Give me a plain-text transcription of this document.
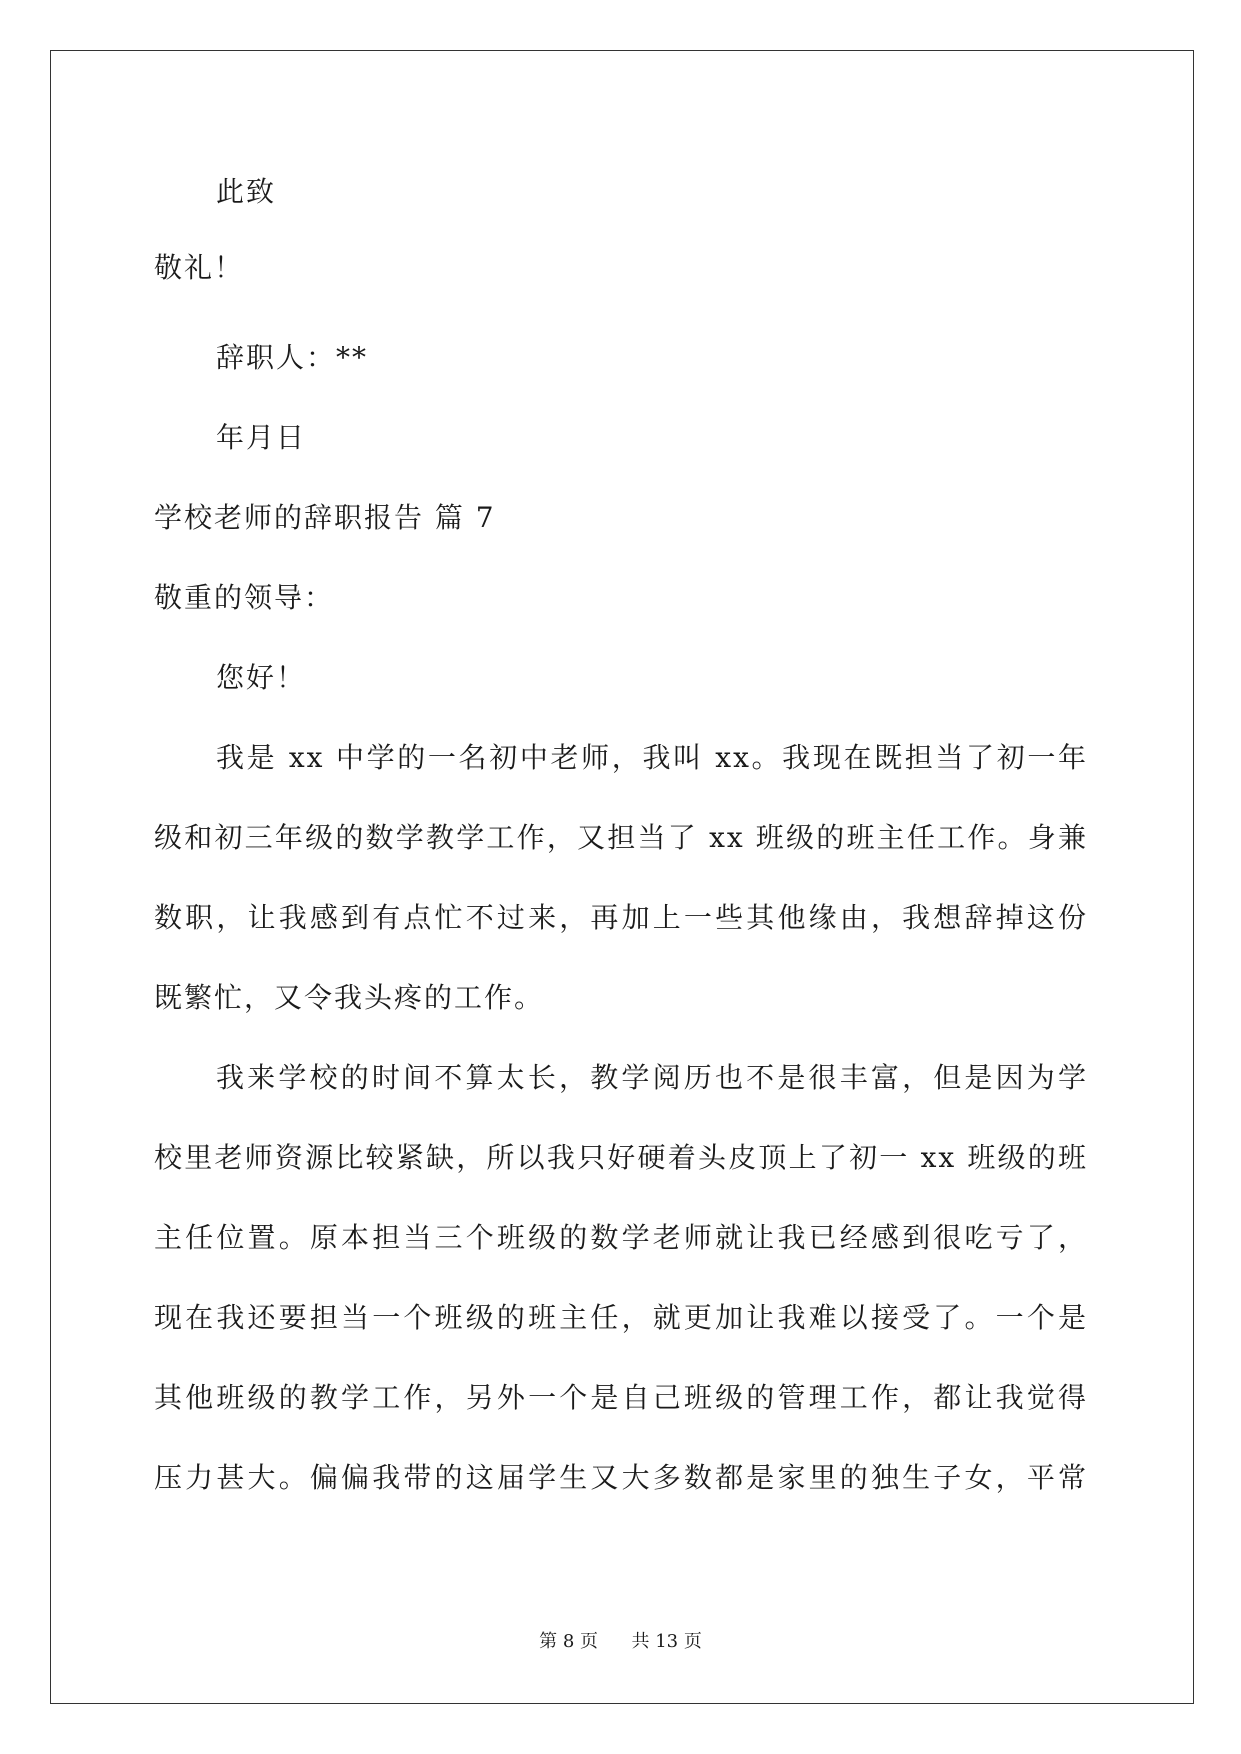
此致
敬礼！
辞职人：**
年月日
学校老师的辞职报告 篇 7
敬重的领导：
您好！
我是 xx 中学的一名初中老师，我叫 xx。我现在既担当了初一年
级和初三年级的数学教学工作，又担当了 xx 班级的班主任工作。身兼
数职，让我感到有点忙不过来，再加上一些其他缘由，我想辞掉这份
既繁忙，又令我头疼的工作。
我来学校的时间不算太长，教学阅历也不是很丰富，但是因为学
校里老师资源比较紧缺，所以我只好硬着头皮顶上了初一 xx 班级的班
主任位置。原本担当三个班级的数学老师就让我已经感到很吃亏了，
现在我还要担当一个班级的班主任，就更加让我难以接受了。一个是
其他班级的教学工作，另外一个是自己班级的管理工作，都让我觉得
压力甚大。偏偏我带的这届学生又大多数都是家里的独生子女，平常
第 8 页 共 13 页
